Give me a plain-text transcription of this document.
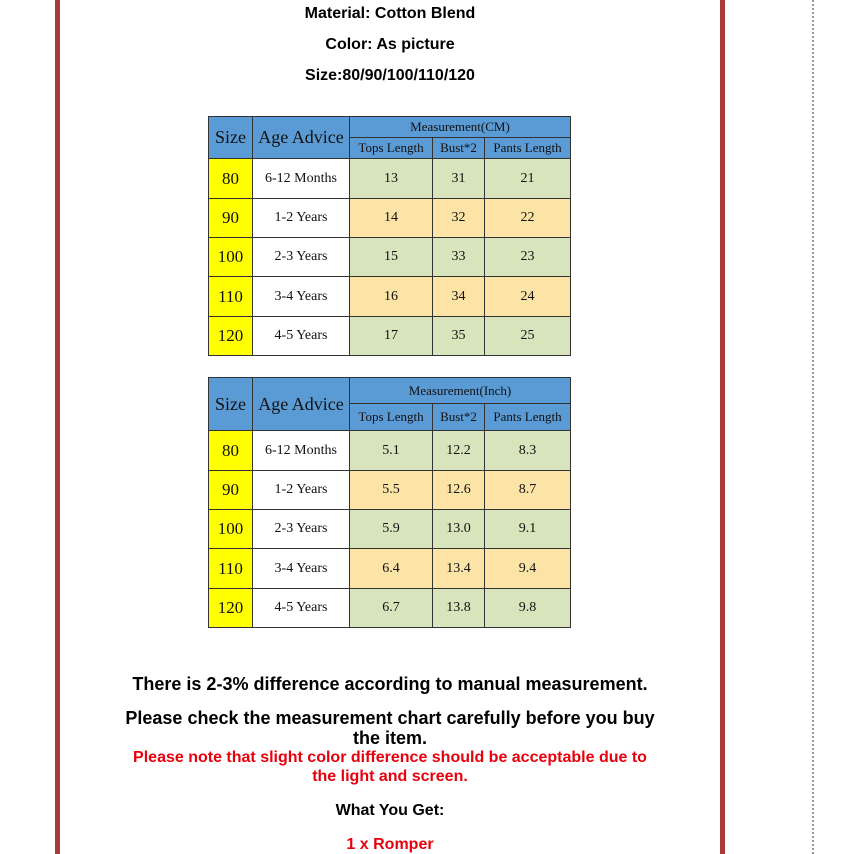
Material: Cotton Blend
Color: As picture
Size:80/90/100/110/120
Size	Age Advice	Measurement(CM)		
		Tops Length	Bust*2	Pants Length
80	6-12 Months	13	31	21
90	1-2 Years	14	32	22
100	2-3 Years	15	33	23
110	3-4 Years	16	34	24
120	4-5 Years	17	35	25
Size	Age Advice	Measurement(Inch)		
		Tops Length	Bust*2	Pants Length
80	6-12 Months	5.1	12.2	8.3
90	1-2 Years	5.5	12.6	8.7
100	2-3 Years	5.9	13.0	9.1
110	3-4 Years	6.4	13.4	9.4
120	4-5 Years	6.7	13.8	9.8
There is 2-3% difference according to manual measurement.
Please check the measurement chart carefully before you buy
the item.
Please note that slight color difference should be acceptable due to
the light and screen.
What You Get:
1 x Romper
